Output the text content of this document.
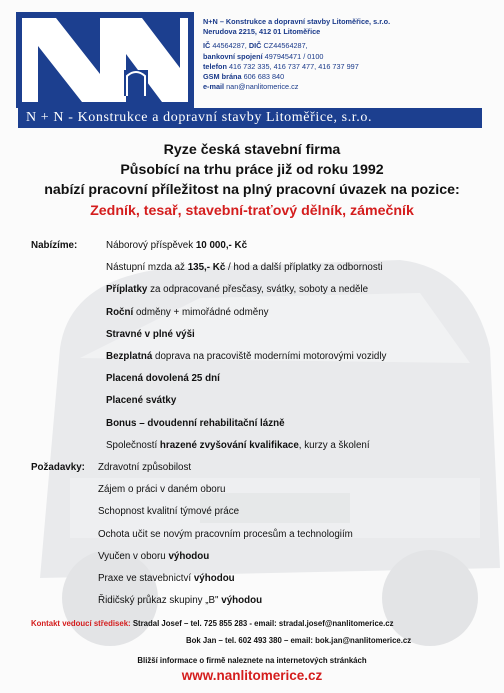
N+N – Konstrukce a dopravní stavby Litoměřice, s.r.o.
Nerudova 2215, 412 01 Litoměřice
IČ 44564287, DIČ CZ44564287,
bankovní spojení 497945471 / 0100
telefon 416 732 335, 416 737 477, 416 737 997
GSM brána 606 683 840
e-mail nan@nanlitomerice.cz
N + N - Konstrukce a dopravní stavby Litoměřice, s.r.o.
Ryze česká stavební firma
Působící na trhu práce již od roku 1992
nabízí pracovní příležitost na plný pracovní úvazek na pozice:
Zedník, tesař, stavební-traťový dělník, zámečník
Nabízíme:	Náborový příspěvek 10 000,- Kč
Nástupní mzda až 135,- Kč / hod a další příplatky za odbornosti
Příplatky za odpracované přesčasy, svátky, soboty a neděle
Roční odměny + mimořádné odměny
Stravné v plné výši
Bezplatná doprava na pracoviště moderními motorovými vozidly
Placená dovolená 25 dní
Placené svátky
Bonus – dvoudenní rehabilitační lázně
Společností hrazené zvyšování kvalifikace, kurzy a školení
Požadavky: Zdravotní způsobilost
Zájem o práci v daném oboru
Schopnost kvalitní týmové práce
Ochota učit se novým pracovním procesům a technologiím
Vyučen v oboru výhodou
Praxe ve stavebnictví výhodou
Řidičský průkaz skupiny „B" výhodou
Kontakt vedoucí středisek: Stradal Josef – tel. 725 855 283 - email: stradal.josef@nanlitomerice.cz
Bok Jan – tel. 602 493 380 – email: bok.jan@nanlitomerice.cz
Bližší informace o firmě naleznete na internetových stránkách
www.nanlitomerice.cz
